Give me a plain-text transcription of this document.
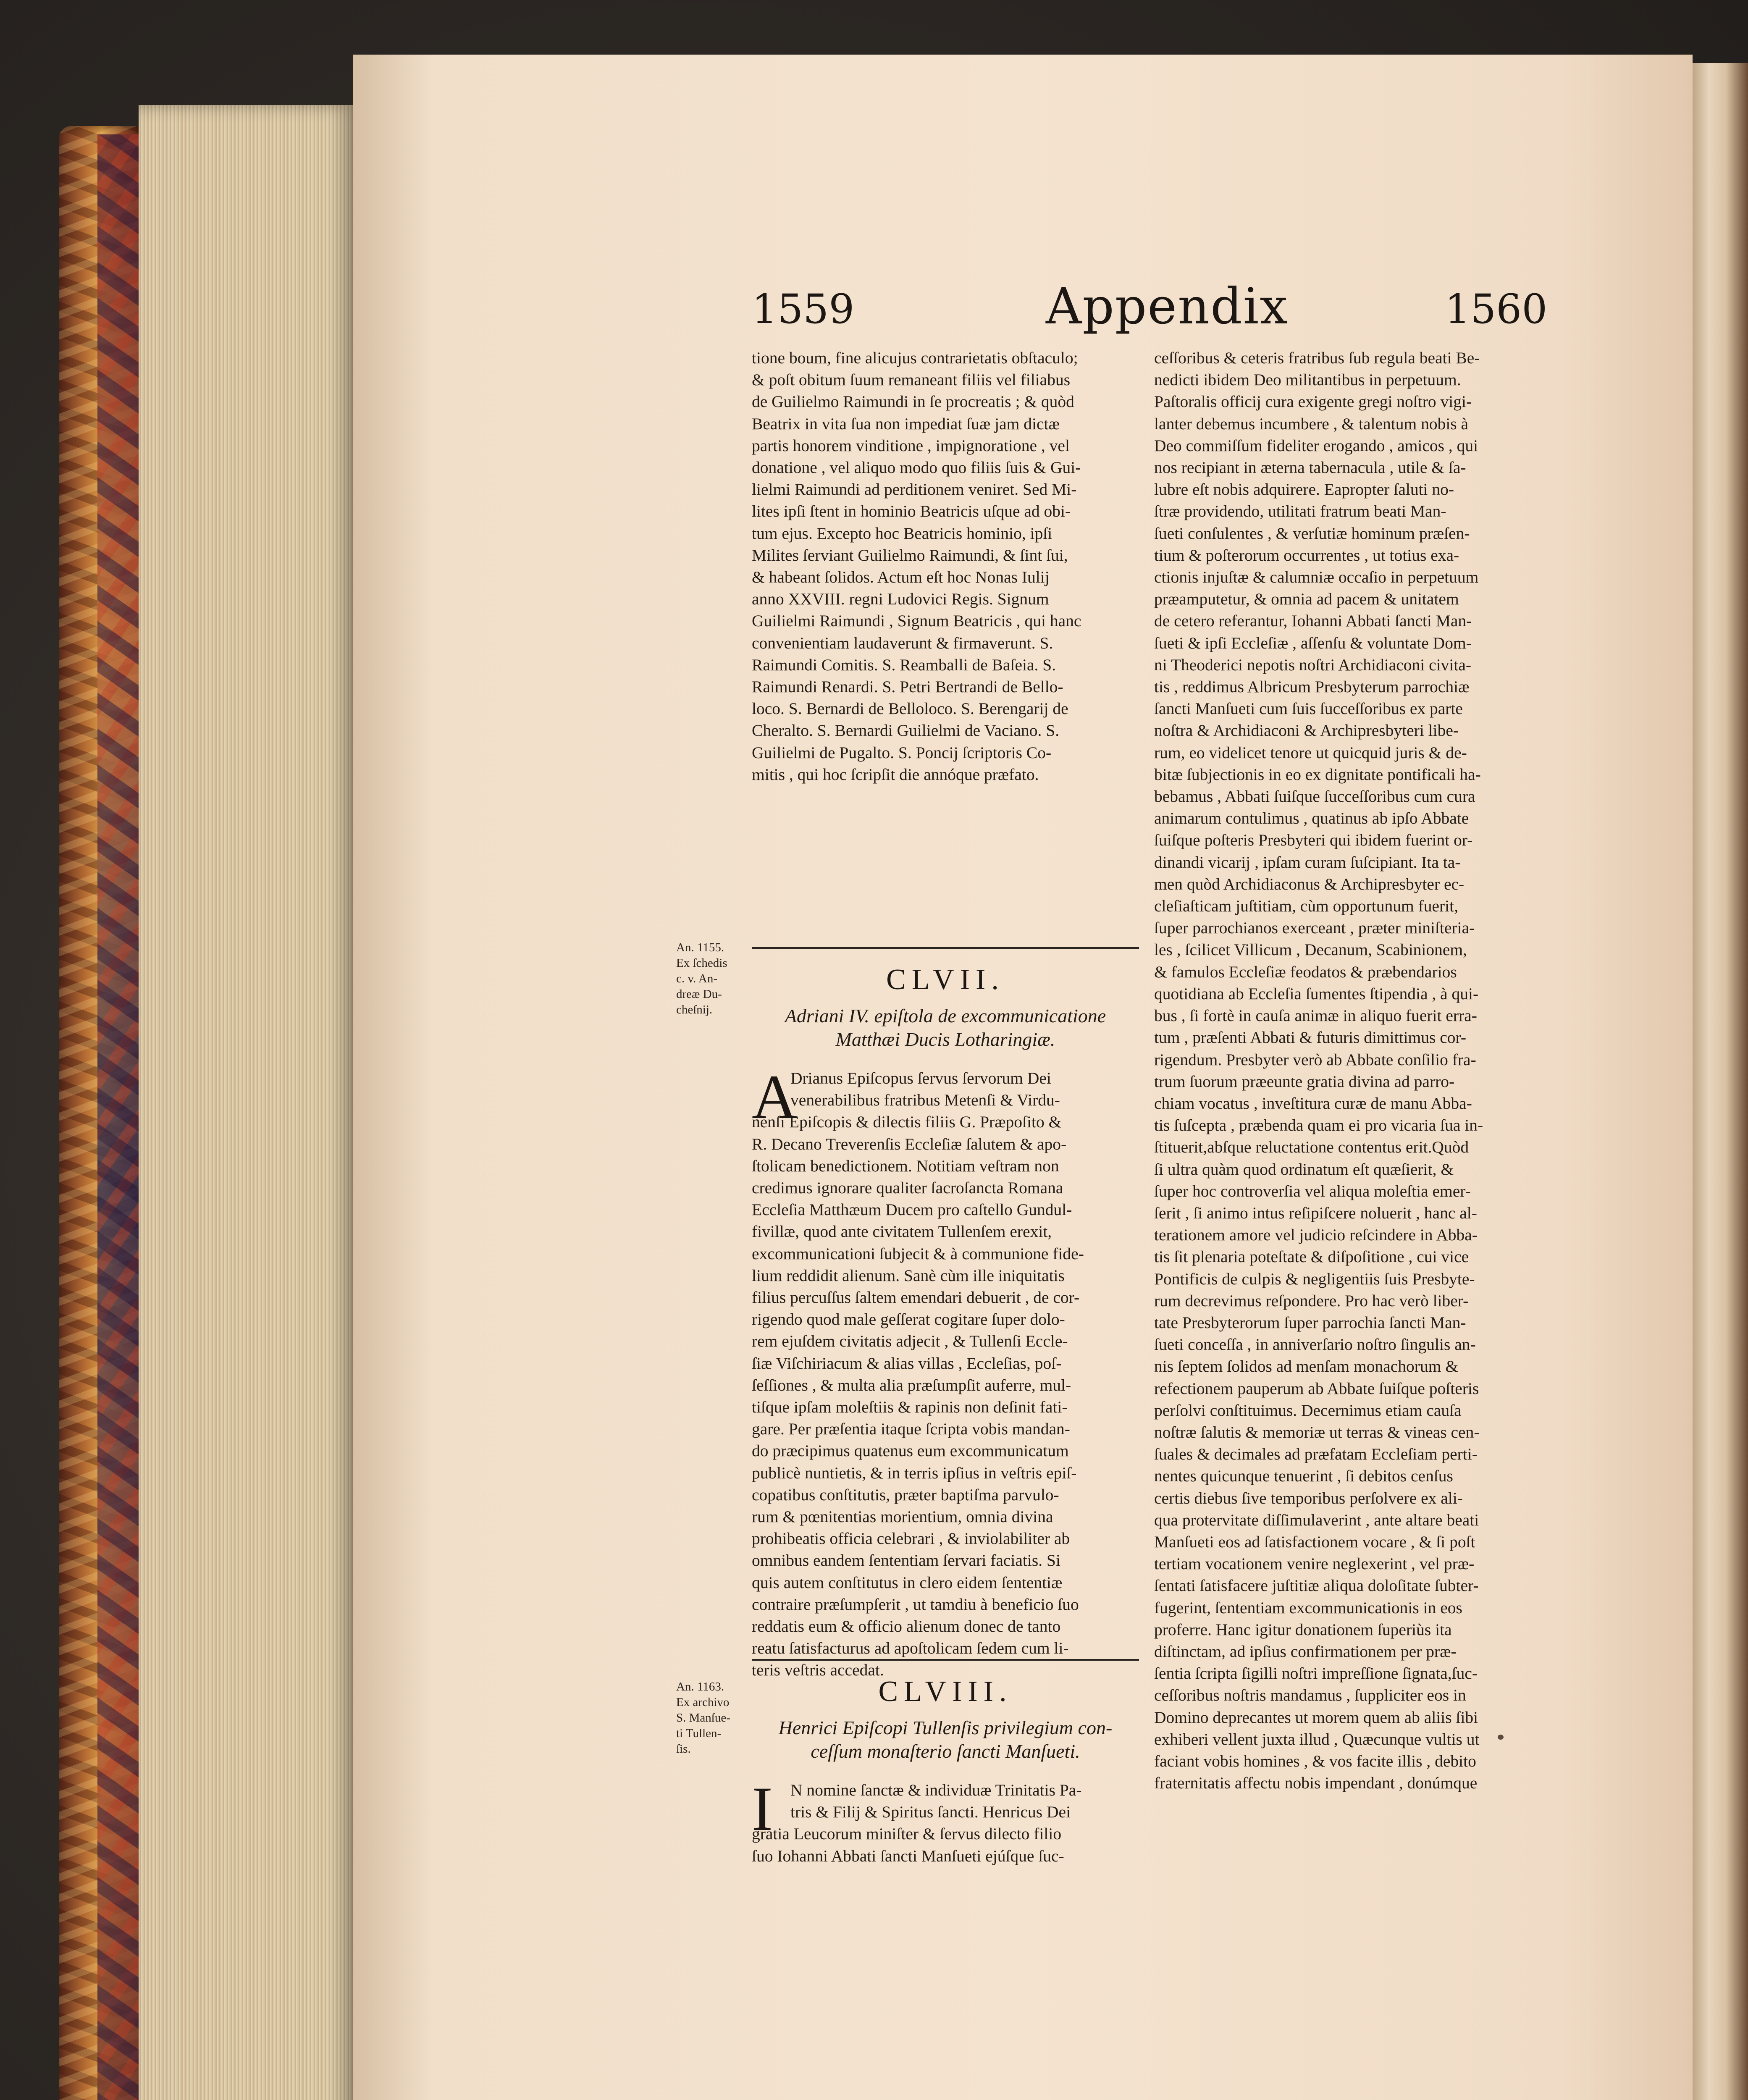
1559	Appendix	1560

tione boum, fine alicujus contrarietatis obſtaculo;

& poſt obitum ſuum remaneant filiis vel filiabus

de Guilielmo Raimundi in ſe procreatis ; & quòd

Beatrix in vita ſua non impediat ſuæ jam dictæ

partis honorem vinditione , impignoratione , vel

donatione , vel aliquo modo quo filiis ſuis & Gui-

lielmi Raimundi ad perditionem veniret. Sed Mi-

lites ipſi ſtent in hominio Beatricis uſque ad obi-

tum ejus. Excepto hoc Beatricis hominio, ipſi

Milites ſerviant Guilielmo Raimundi, & ſint ſui,

& habeant ſolidos. Actum eſt hoc Nonas Iulij

anno XXVIII. regni Ludovici Regis. Signum

Guilielmi Raimundi , Signum Beatricis , qui hanc

convenientiam laudaverunt & firmaverunt. S.

Raimundi Comitis. S. Reamballi de Baſeia. S.

Raimundi Renardi. S. Petri Bertrandi de Bello-

loco. S. Bernardi de Belloloco. S. Berengarij de

Cheralto. S. Bernardi Guilielmi de Vaciano. S.

Guilielmi de Pugalto. S. Poncij ſcriptoris Co-

mitis , qui hoc ſcripſit die annóque præfato.

CLVII.
Adriani IV. epiſtola de excommunicatione
Matthæi Ducis Lotharingiæ.
A

Drianus Epiſcopus ſervus ſervorum Dei

venerabilibus fratribus Metenſi & Virdu-

nenſi Epiſcopis & dilectis filiis G. Præpoſito &

R. Decano Treverenſis Eccleſiæ ſalutem & apo-

ſtolicam benedictionem. Notitiam veſtram non

credimus ignorare qualiter ſacroſancta Romana

Eccleſia Matthæum Ducem pro caſtello Gundul-

fivillæ, quod ante civitatem Tullenſem erexit,

excommunicationi ſubjecit & à communione fide-

lium reddidit alienum. Sanè cùm ille iniquitatis

filius percuſſus ſaltem emendari debuerit , de cor-

rigendo quod male geſſerat cogitare ſuper dolo-

rem ejuſdem civitatis adjecit , & Tullenſi Eccle-

ſiæ Viſchiriacum & alias villas , Eccleſias, poſ-

ſeſſiones , & multa alia præſumpſit auferre, mul-

tiſque ipſam moleſtiis & rapinis non deſinit fati-

gare. Per præſentia itaque ſcripta vobis mandan-

do præcipimus quatenus eum excommunicatum

publicè nuntietis, & in terris ipſius in veſtris epiſ-

copatibus conſtitutis, præter baptiſma parvulo-

rum & pœnitentias morientium, omnia divina

prohibeatis officia celebrari , & inviolabiliter ab

omnibus eandem ſententiam ſervari faciatis. Si

quis autem conſtitutus in clero eidem ſententiæ

contraire præſumpſerit , ut tamdiu à beneficio ſuo

reddatis eum & officio alienum donec de tanto

reatu ſatisfacturus ad apoſtolicam ſedem cum li-

teris veſtris accedat.

An. 1155.

Ex ſchedis

c. v. An-

dreæ Du-

cheſnij.

CLVIII.
Henrici Epiſcopi Tullenſis privilegium con-
ceſſum monaſterio ſancti Manſueti.
I	N nomine ſanctæ & individuæ Trinitatis Pa-

tris & Filij & Spiritus ſancti. Henricus Dei

gratia Leucorum miniſter & ſervus dilecto filio

ſuo Iohanni Abbati ſancti Manſueti ejúſque ſuc-

An. 1163.

Ex archivo

S. Manſue-

ti Tullen-

ſis.

ceſſoribus & ceteris fratribus ſub regula beati Be-

nedicti ibidem Deo militantibus in perpetuum.

Paſtoralis officij cura exigente gregi noſtro vigi-

lanter debemus incumbere , & talentum nobis à

Deo commiſſum fideliter erogando , amicos , qui

nos recipiant in æterna tabernacula , utile & ſa-

lubre eſt nobis adquirere. Eapropter ſaluti no-

ſtræ providendo, utilitati fratrum beati Man-

ſueti conſulentes , & verſutiæ hominum præſen-

tium & poſterorum occurrentes , ut totius exa-

ctionis injuſtæ & calumniæ occaſio in perpetuum

præamputetur, & omnia ad pacem & unitatem

de cetero referantur, Iohanni Abbati ſancti Man-

ſueti & ipſi Eccleſiæ , aſſenſu & voluntate Dom-

ni Theoderici nepotis noſtri Archidiaconi civita-

tis , reddimus Albricum Presbyterum parrochiæ

ſancti Manſueti cum ſuis ſucceſſoribus ex parte

noſtra & Archidiaconi & Archipresbyteri libe-

rum, eo videlicet tenore ut quicquid juris & de-

bitæ ſubjectionis in eo ex dignitate pontificali ha-

bebamus , Abbati ſuiſque ſucceſſoribus cum cura

animarum contulimus , quatinus ab ipſo Abbate

ſuiſque poſteris Presbyteri qui ibidem fuerint or-

dinandi vicarij , ipſam curam ſuſcipiant. Ita ta-

men quòd Archidiaconus & Archipresbyter ec-

cleſiaſticam juſtitiam, cùm opportunum fuerit,

ſuper parrochianos exerceant , præter miniſteria-

les , ſcilicet Villicum , Decanum, Scabinionem,

& famulos Eccleſiæ feodatos & præbendarios

quotidiana ab Eccleſia ſumentes ſtipendia , à qui-

bus , ſi fortè in cauſa animæ in aliquo fuerit erra-

tum , præſenti Abbati & futuris dimittimus cor-

rigendum. Presbyter verò ab Abbate conſilio fra-

trum ſuorum præeunte gratia divina ad parro-

chiam vocatus , inveſtitura curæ de manu Abba-

tis ſuſcepta , præbenda quam ei pro vicaria ſua in-

ſtituerit,abſque reluctatione contentus erit.Quòd

ſi ultra quàm quod ordinatum eſt quæſierit, &

ſuper hoc controverſia vel aliqua moleſtia emer-

ſerit , ſi animo intus reſipiſcere noluerit , hanc al-

terationem amore vel judicio reſcindere in Abba-

tis ſit plenaria poteſtate & diſpoſitione , cui vice

Pontificis de culpis & negligentiis ſuis Presbyte-

rum decrevimus reſpondere. Pro hac verò liber-

tate Presbyterorum ſuper parrochia ſancti Man-

ſueti conceſſa , in anniverſario noſtro ſingulis an-

nis ſeptem ſolidos ad menſam monachorum &

refectionem pauperum ab Abbate ſuiſque poſteris

perſolvi conſtituimus. Decernimus etiam cauſa

noſtræ ſalutis & memoriæ ut terras & vineas cen-

ſuales & decimales ad præfatam Eccleſiam perti-

nentes quicunque tenuerint , ſi debitos cenſus

certis diebus ſive temporibus perſolvere ex ali-

qua protervitate diſſimulaverint , ante altare beati

Manſueti eos ad ſatisfactionem vocare , & ſi poſt

tertiam vocationem venire neglexerint , vel præ-

ſentati ſatisfacere juſtitiæ aliqua doloſitate ſubter-

fugerint, ſententiam excommunicationis in eos

proferre. Hanc igitur donationem ſuperiùs ita

diſtinctam, ad ipſius confirmationem per præ-

ſentia ſcripta ſigilli noſtri impreſſione ſignata,ſuc-

ceſſoribus noſtris mandamus , ſuppliciter eos in

Domino deprecantes ut morem quem ab aliis ſibi

exhiberi vellent juxta illud , Quæcunque vultis ut

faciant vobis homines , & vos facite illis , debito

fraternitatis affectu nobis impendant , donúmque
